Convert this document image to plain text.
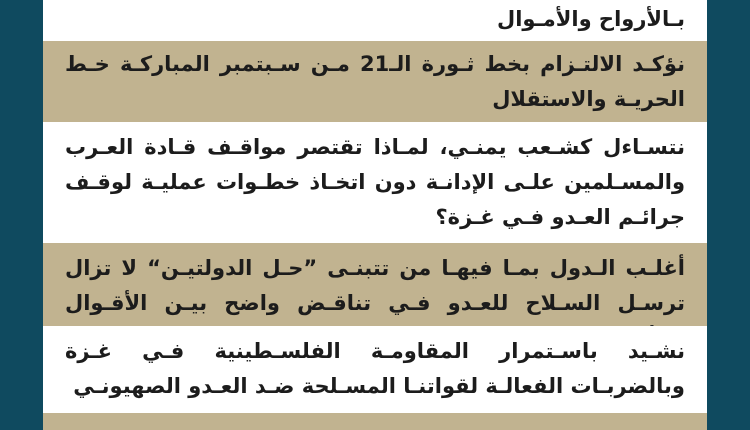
بـالأرواح والأمـوال
نؤكـد الالتـزام بخط ثـورة الـ21 مـن سـبتمبر المباركـة خـط الحريـة والاستقلال
نتسـاءل كشـعب يمنـي، لمـاذا تقتصر مواقـف قـادة العـرب والمسـلمين علـى الإدانـة دون اتخـاذ خطـوات عمليـة لوقـف جرائـم العـدو فـي غـزة؟
أغلـب الـدول بمـا فيهـا من تتبنـى ”حـل الدولتيـن“ لا تزال ترسـل السـلاح للعـدو فـي تناقـض واضح بيـن الأقـوال
نشـيد باسـتمرار المقاومـة الفلسـطينية فـي غـزة وبالضربـات الفعالـة لقواتنـا المسـلحة ضـد العـدو الصهيونـي
